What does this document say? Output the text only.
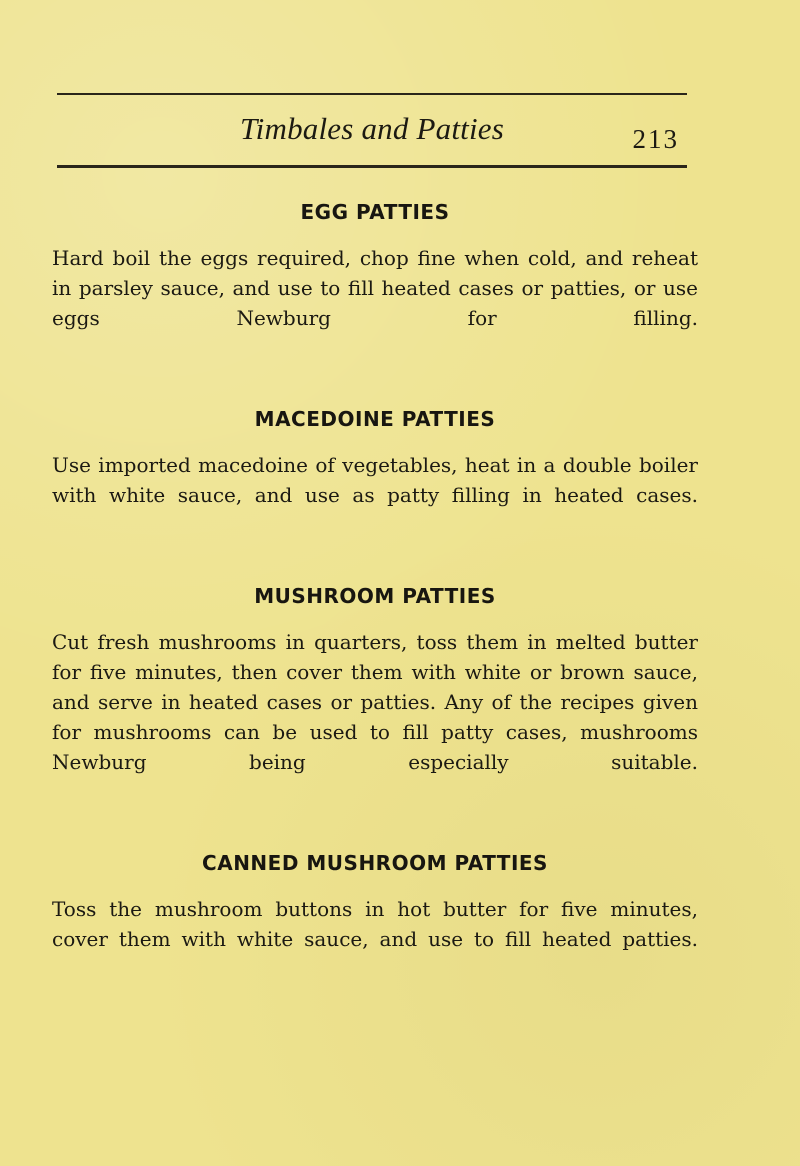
Timbales and Patties	213
EGG PATTIES

Hard boil the eggs required, chop fine when cold, and reheat in parsley sauce, and use to fill heated cases or patties, or use eggs Newburg for filling.

MACEDOINE PATTIES

Use imported macedoine of vegetables, heat in a double boiler with white sauce, and use as patty filling in heated cases.

MUSHROOM PATTIES

Cut fresh mushrooms in quarters, toss them in melted butter for five minutes, then cover them with white or brown sauce, and serve in heated cases or patties. Any of the recipes given for mushrooms can be used to fill patty cases, mushrooms Newburg being especially suitable.

CANNED MUSHROOM PATTIES

Toss the mushroom buttons in hot butter for five minutes, cover them with white sauce, and use to fill heated patties.
